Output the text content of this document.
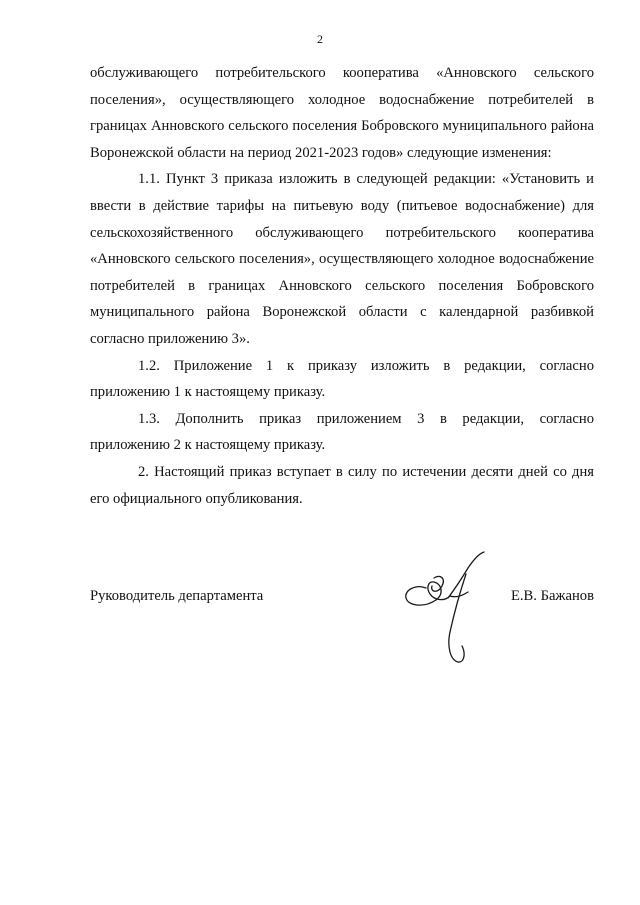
2

обслуживающего потребительского кооператива «Анновского сельского поселения», осуществляющего холодное водоснабжение потребителей в границах Анновского сельского поселения Бобровского муниципального района Воронежской области на период 2021-2023 годов» следующие изменения:

1.1. Пункт 3 приказа изложить в следующей редакции: «Установить и ввести в действие тарифы на питьевую воду (питьевое водоснабжение) для сельскохозяйственного обслуживающего потребительского кооператива «Анновского сельского поселения», осуществляющего холодное водоснабжение потребителей в границах Анновского сельского поселения Бобровского муниципального района Воронежской области с календарной разбивкой согласно приложению 3».

1.2. Приложение 1 к приказу изложить в редакции, согласно приложению 1 к настоящему приказу.

1.3. Дополнить приказ приложением 3 в редакции, согласно приложению 2 к настоящему приказу.

2. Настоящий приказ вступает в силу по истечении десяти дней со дня его официального опубликования.

Руководитель департамента	Е.В. Бажанов
